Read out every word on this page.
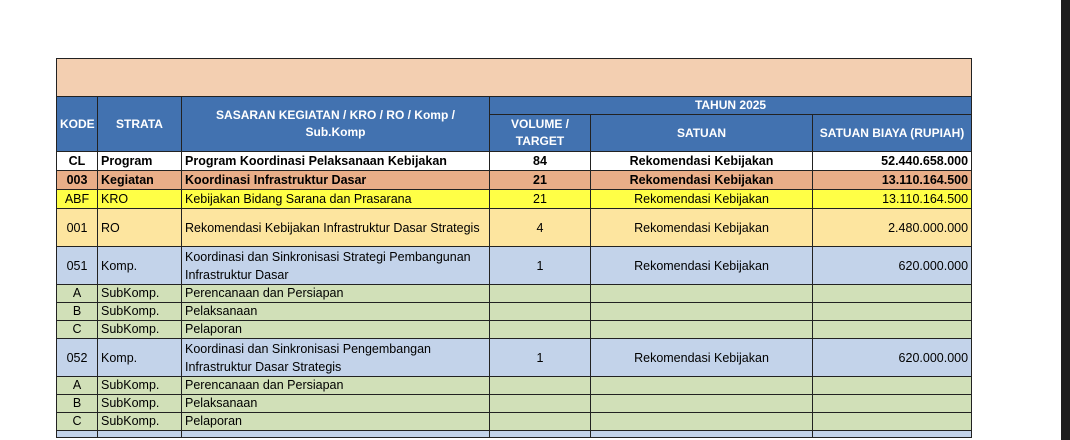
KODE	STRATA	SASARAN KEGIATAN / KRO / RO / Komp / Sub.Komp	TAHUN 2025		
			VOLUME / TARGET	SATUAN	SATUAN BIAYA (RUPIAH)
CL	Program	Program Koordinasi Pelaksanaan Kebijakan	84	Rekomendasi Kebijakan	52.440.658.000
003	Kegiatan	Koordinasi Infrastruktur Dasar	21	Rekomendasi Kebijakan	13.110.164.500
ABF	KRO	Kebijakan Bidang Sarana dan Prasarana	21	Rekomendasi Kebijakan	13.110.164.500
001	RO	Rekomendasi Kebijakan Infrastruktur Dasar Strategis	4	Rekomendasi Kebijakan	2.480.000.000
051	Komp.	Koordinasi dan Sinkronisasi Strategi Pembangunan Infrastruktur Dasar	1	Rekomendasi Kebijakan	620.000.000
A	SubKomp.	Perencanaan dan Persiapan			
B	SubKomp.	Pelaksanaan			
C	SubKomp.	Pelaporan			
052	Komp.	Koordinasi dan Sinkronisasi Pengembangan Infrastruktur Dasar Strategis	1	Rekomendasi Kebijakan	620.000.000
A	SubKomp.	Perencanaan dan Persiapan			
B	SubKomp.	Pelaksanaan			
C	SubKomp.	Pelaporan			
